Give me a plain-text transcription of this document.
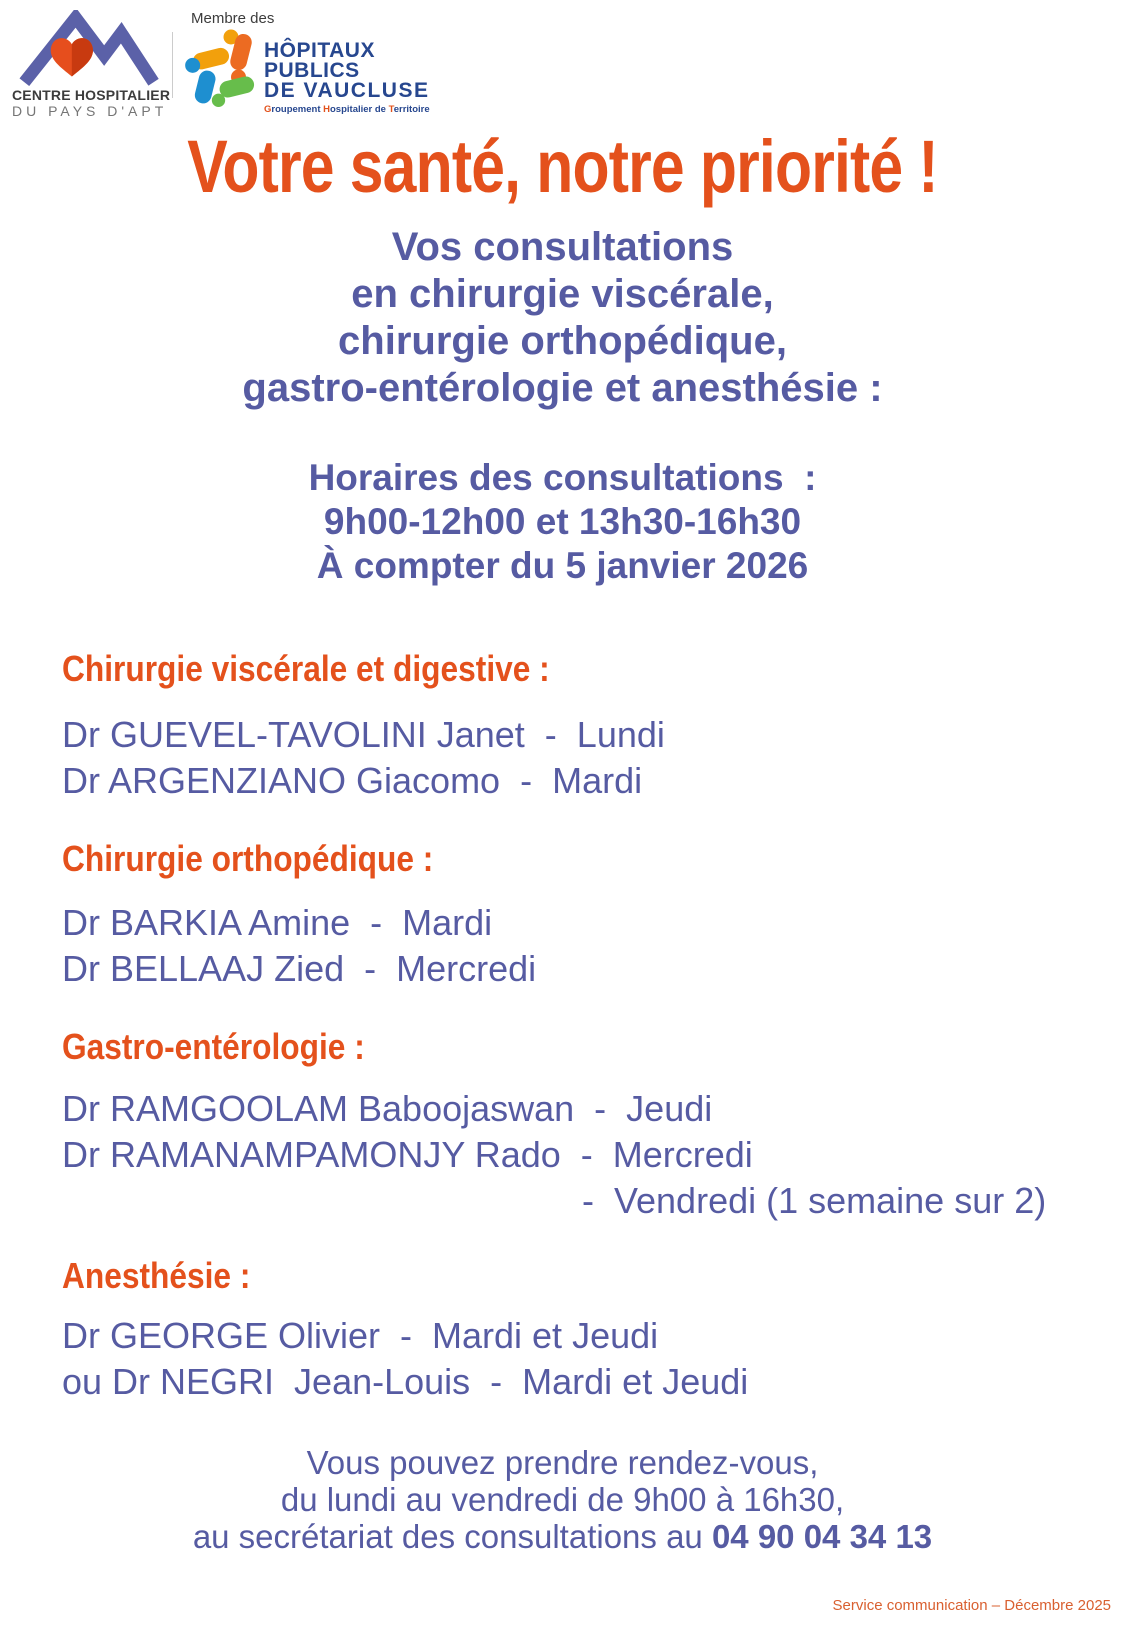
CENTRE HOSPITALIER
DU PAYS D'APT
Membre des
HÔPITAUX
PUBLICS
DE VAUCLUSE
Groupement Hospitalier de Territoire
Votre santé, notre priorité !
Vos consultations
en chirurgie viscérale,
chirurgie orthopédique,
gastro-entérologie et anesthésie :
Horaires des consultations  :
9h00-12h00 et 13h30-16h30
À compter du 5 janvier 2026
Chirurgie viscérale et digestive :
Dr GUEVEL-TAVOLINI Janet  -  Lundi
Dr ARGENZIANO Giacomo  -  Mardi
Chirurgie orthopédique :
Dr BARKIA Amine  -  Mardi
Dr BELLAAJ Zied  -  Mercredi
Gastro-entérologie :
Dr RAMGOOLAM Baboojaswan  -  Jeudi
Dr RAMANAMPAMONJY Rado  -  Mercredi
-  Vendredi (1 semaine sur 2)
Anesthésie :
Dr GEORGE Olivier  -  Mardi et Jeudi
ou Dr NEGRI  Jean-Louis  -  Mardi et Jeudi
Vous pouvez prendre rendez-vous,
du lundi au vendredi de 9h00 à 16h30,
au secrétariat des consultations au 04 90 04 34 13
Service communication – Décembre 2025
